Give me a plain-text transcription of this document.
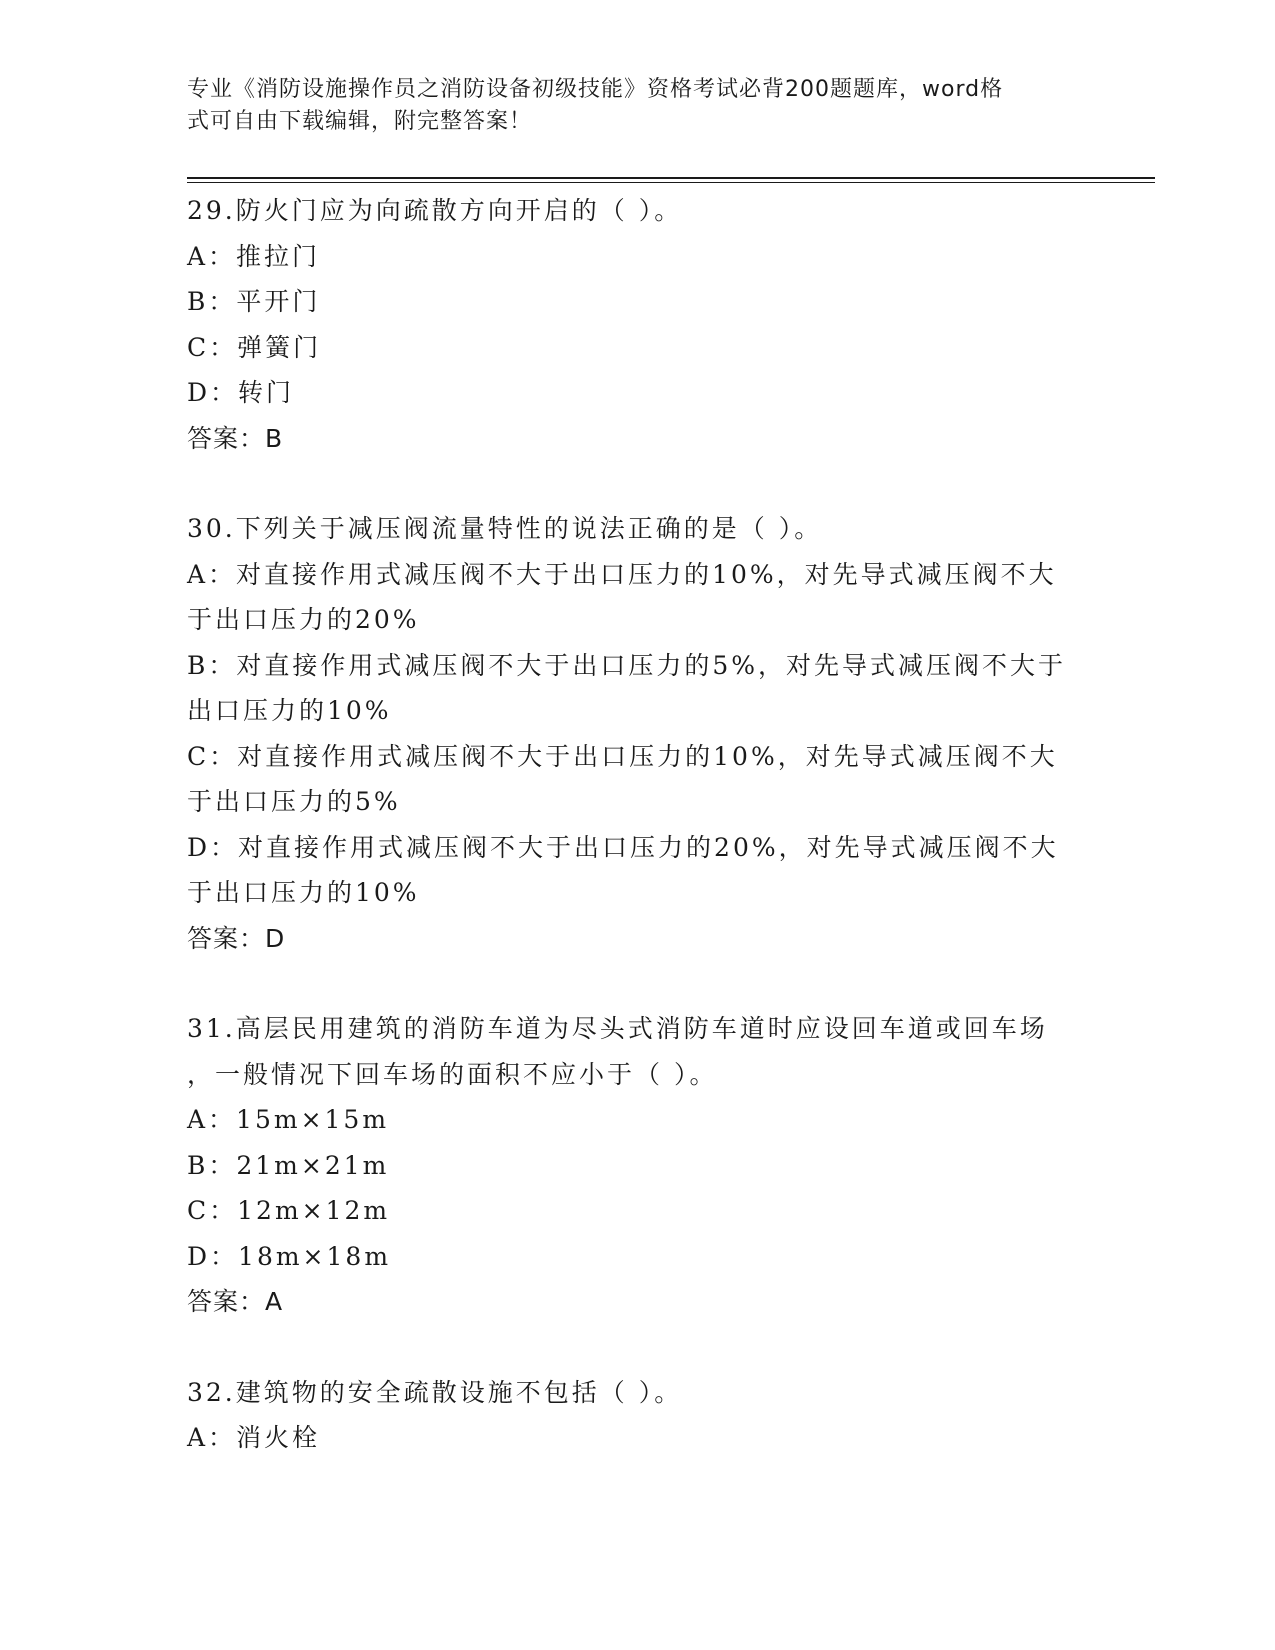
专业《消防设施操作员之消防设备初级技能》资格考试必背200题题库，word格
式可自由下载编辑，附完整答案！
29.防火门应为向疏散方向开启的（ ）。
A：推拉门
B：平开门
C：弹簧门
D：转门
答案：B
30.下列关于减压阀流量特性的说法正确的是（ ）。
A：对直接作用式减压阀不大于出口压力的10%，对先导式减压阀不大
于出口压力的20%
B：对直接作用式减压阀不大于出口压力的5%，对先导式减压阀不大于
出口压力的10%
C：对直接作用式减压阀不大于出口压力的10%，对先导式减压阀不大
于出口压力的5%
D：对直接作用式减压阀不大于出口压力的20%，对先导式减压阀不大
于出口压力的10%
答案：D
31.高层民用建筑的消防车道为尽头式消防车道时应设回车道或回车场
，一般情况下回车场的面积不应小于（ ）。
A：15m×15m
B：21m×21m
C：12m×12m
D：18m×18m
答案：A
32.建筑物的安全疏散设施不包括（ ）。
A：消火栓
